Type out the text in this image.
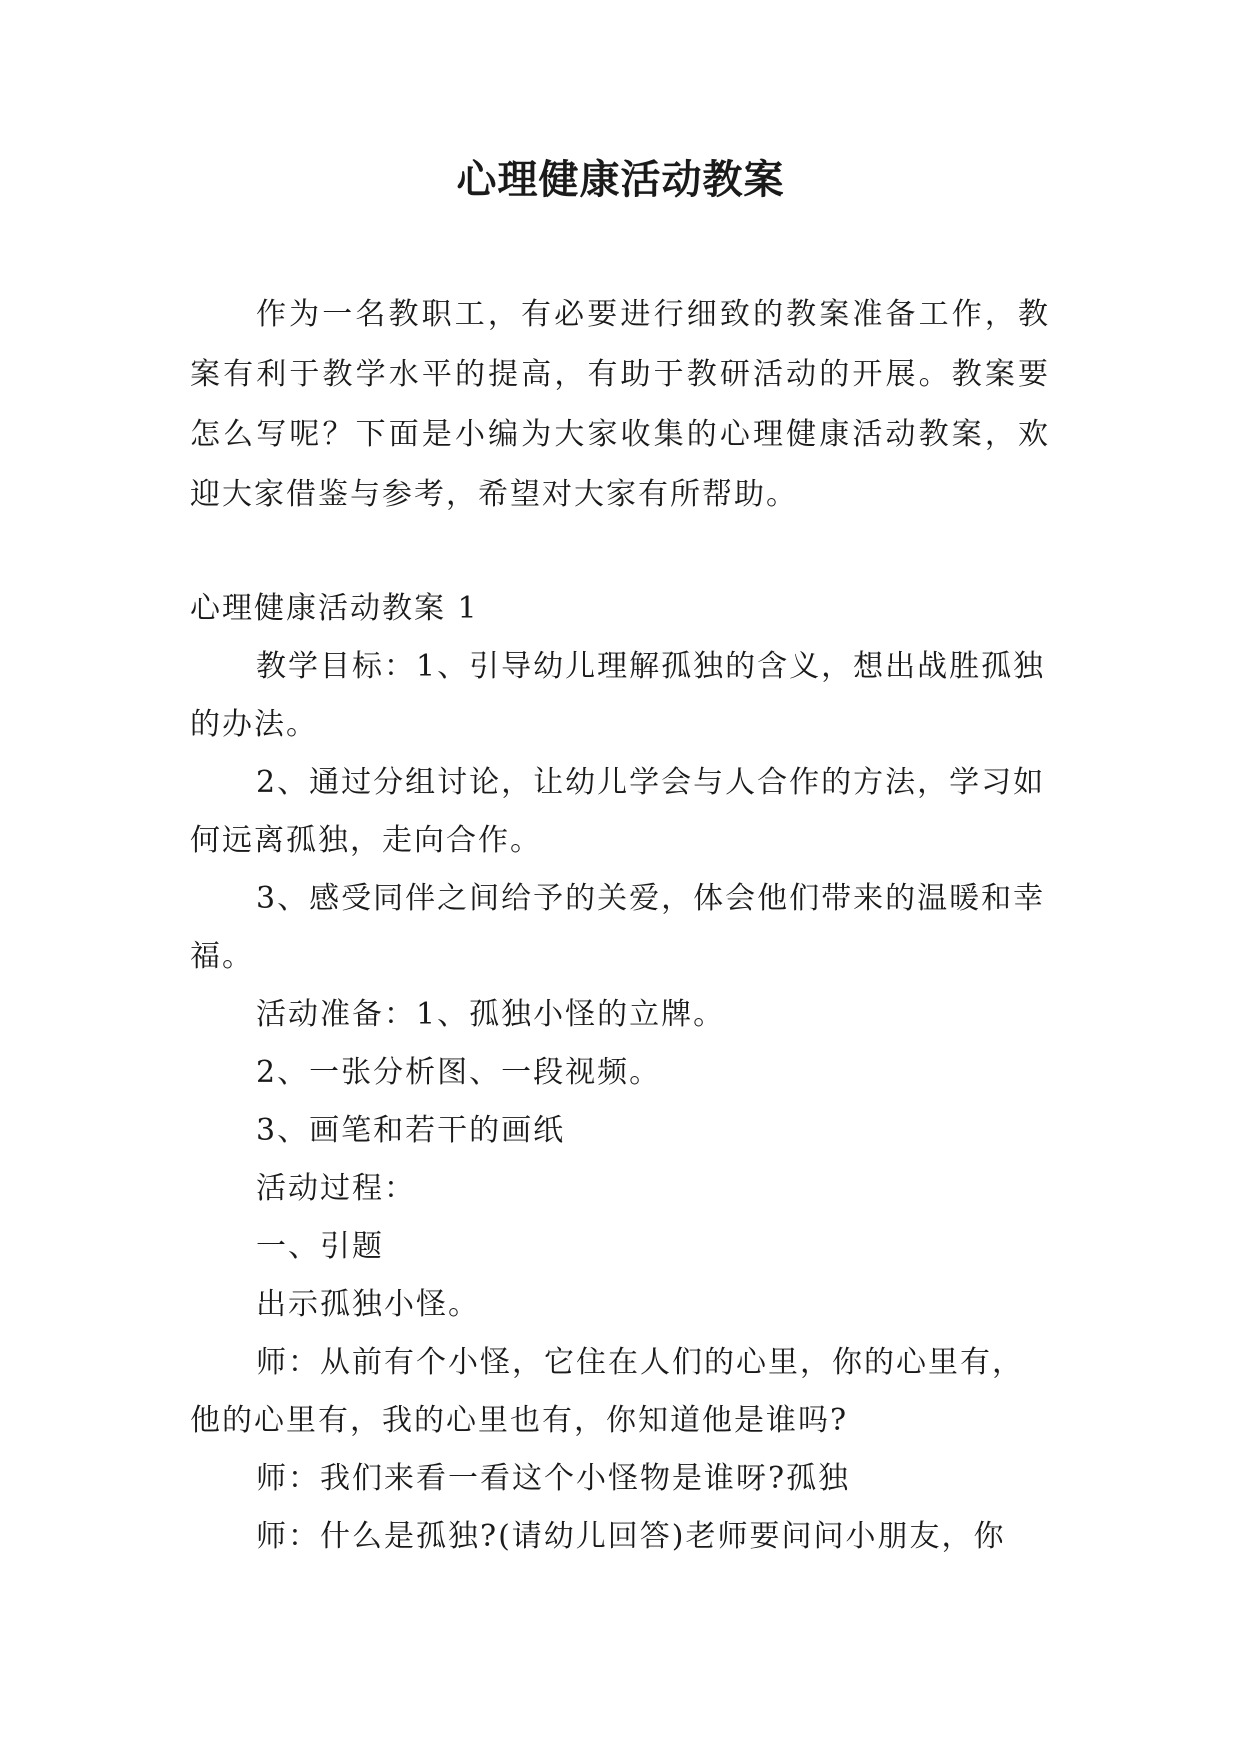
心理健康活动教案
作为一名教职工，有必要进行细致的教案准备工作，教案有利于教学水平的提高，有助于教研活动的开展。教案要怎么写呢？下面是小编为大家收集的心理健康活动教案，欢迎大家借鉴与参考，希望对大家有所帮助。

心理健康活动教案 1

教学目标：1、引导幼儿理解孤独的含义，想出战胜孤独的办法。

2、通过分组讨论，让幼儿学会与人合作的方法，学习如何远离孤独，走向合作。

3、感受同伴之间给予的关爱，体会他们带来的温暖和幸福。

活动准备：1、孤独小怪的立牌。

2、一张分析图、一段视频。

3、画笔和若干的画纸

活动过程：

一、引题

出示孤独小怪。

师：从前有个小怪，它住在人们的心里，你的心里有，他的心里有，我的心里也有，你知道他是谁吗?

师：我们来看一看这个小怪物是谁呀?孤独

师：什么是孤独?(请幼儿回答)老师要问问小朋友，你
